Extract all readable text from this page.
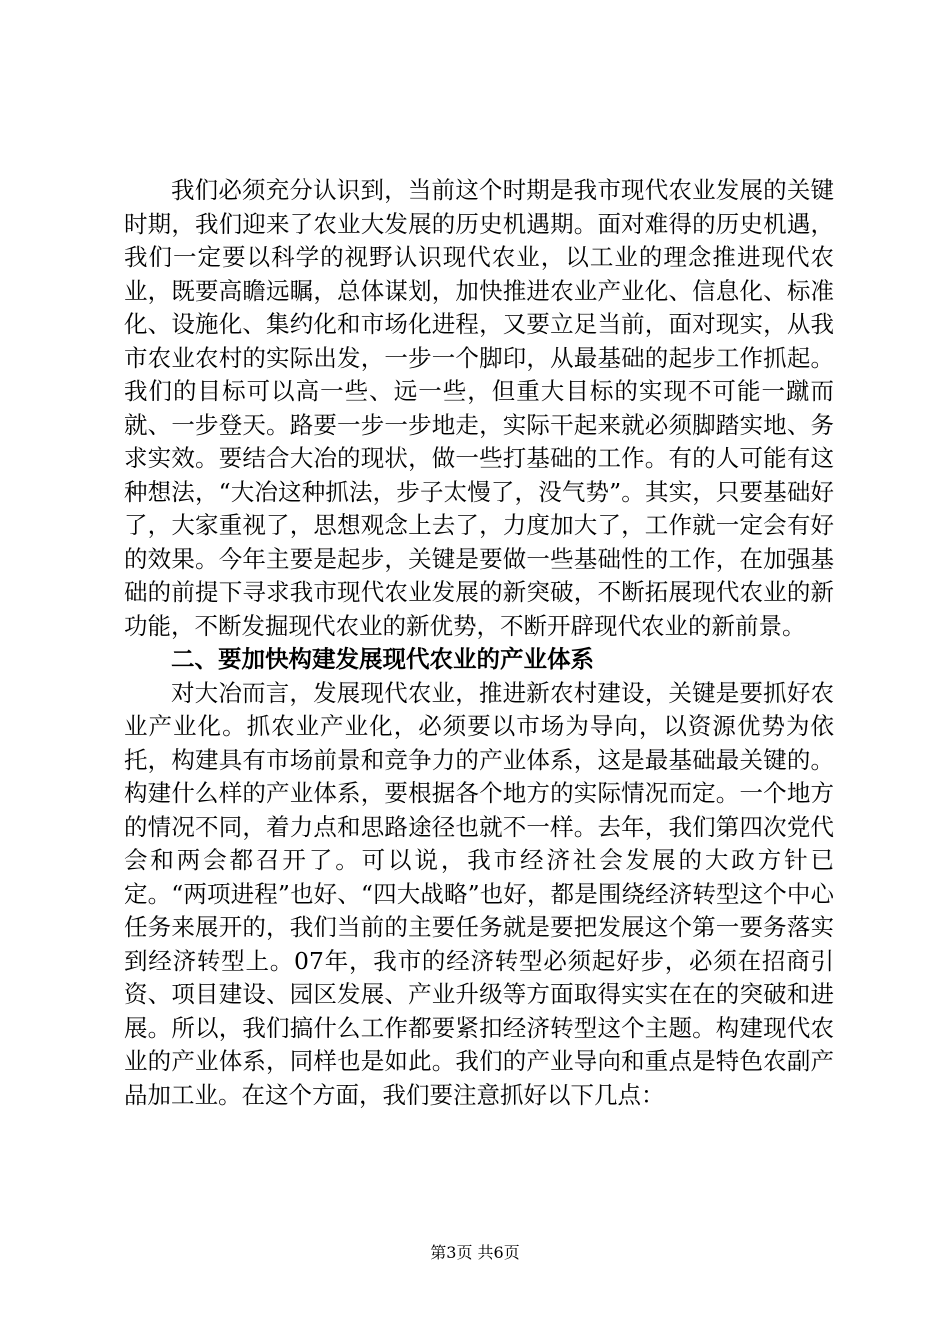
我们必须充分认识到，当前这个时期是我市现代农业发展的关键时期，我们迎来了农业大发展的历史机遇期。面对难得的历史机遇，我们一定要以科学的视野认识现代农业，以工业的理念推进现代农业，既要高瞻远瞩，总体谋划，加快推进农业产业化、信息化、标准化、设施化、集约化和市场化进程，又要立足当前，面对现实，从我市农业农村的实际出发，一步一个脚印，从最基础的起步工作抓起。我们的目标可以高一些、远一些，但重大目标的实现不可能一蹴而就、一步登天。路要一步一步地走，实际干起来就必须脚踏实地、务求实效。要结合大冶的现状，做一些打基础的工作。有的人可能有这种想法，“大冶这种抓法，步子太慢了，没气势”。其实，只要基础好了，大家重视了，思想观念上去了，力度加大了，工作就一定会有好的效果。今年主要是起步，关键是要做一些基础性的工作，在加强基础的前提下寻求我市现代农业发展的新突破，不断拓展现代农业的新功能，不断发掘现代农业的新优势，不断开辟现代农业的新前景。

二、要加快构建发展现代农业的产业体系

对大冶而言，发展现代农业，推进新农村建设，关键是要抓好农业产业化。抓农业产业化，必须要以市场为导向，以资源优势为依托，构建具有市场前景和竞争力的产业体系，这是最基础最关键的。构建什么样的产业体系，要根据各个地方的实际情况而定。一个地方的情况不同，着力点和思路途径也就不一样。去年，我们第四次党代会和两会都召开了。可以说，我市经济社会发展的大政方针已定。“两项进程”也好、“四大战略”也好，都是围绕经济转型这个中心任务来展开的，我们当前的主要任务就是要把发展这个第一要务落实到经济转型上。07年，我市的经济转型必须起好步，必须在招商引资、项目建设、园区发展、产业升级等方面取得实实在在的突破和进展。所以，我们搞什么工作都要紧扣经济转型这个主题。构建现代农业的产业体系，同样也是如此。我们的产业导向和重点是特色农副产品加工业。在这个方面，我们要注意抓好以下几点：

第3页 共6页
